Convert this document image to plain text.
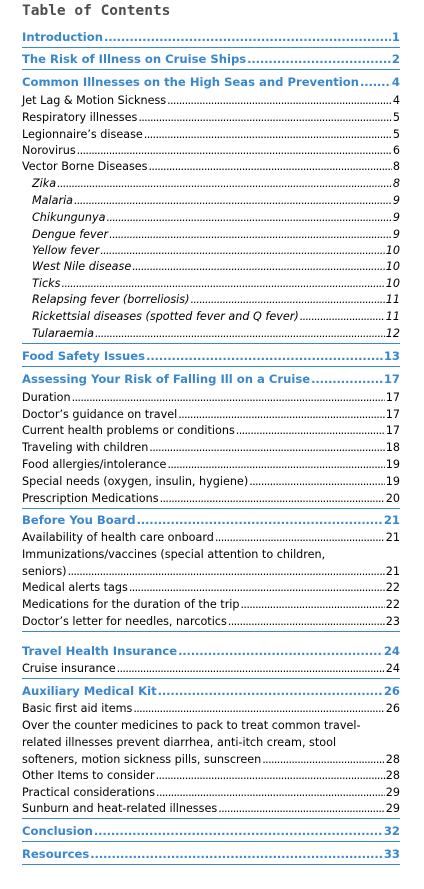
Table of Contents
Introduction . . .	1
The Risk of Illness on Cruise Ships . . .	2
Common Illnesses on the High Seas and Prevention . . .	4
Jet Lag & Motion Sickness . . .	4
Respiratory illnesses . . .	5
Legionnaire’s disease . . .	5
Norovirus . . .	6
Vector Borne Diseases . . .	8
Zika . . .	8
Malaria . . .	9
Chikungunya . . .	9
Dengue fever . . .	9
Yellow fever . . .	10
West Nile disease . . .	10
Ticks . . .	10
Relapsing fever (borreliosis) . . .	11
Rickettsial diseases (spotted fever and Q fever) . . .	11
Tularaemia . . .	12
Food Safety Issues . . .	13
Assessing Your Risk of Falling Ill on a Cruise . . .	17
Duration . . .	17
Doctor’s guidance on travel . . .	17
Current health problems or conditions . . .	17
Traveling with children . . .	18
Food allergies/intolerance . . .	19
Special needs (oxygen, insulin, hygiene) . . .	19
Prescription Medications . . .	20
Before You Board . . .	21
Availability of health care onboard . . .	21
Immunizations/vaccines (special attention to children,
seniors) . . .	21
Medical alerts tags . . .	22
Medications for the duration of the trip . . .	22
Doctor’s letter for needles, narcotics . . .	23
Travel Health Insurance . . .	24
Cruise insurance . . .	24
Auxiliary Medical Kit . . .	26
Basic first aid items . . .	26
Over the counter medicines to pack to treat common travel-
related illnesses prevent diarrhea, anti-itch cream, stool
softeners, motion sickness pills, sunscreen . . .	28
Other Items to consider . . .	28
Practical considerations . . .	29
Sunburn and heat-related illnesses . . .	29
Conclusion . . .	32
Resources . . .	33
